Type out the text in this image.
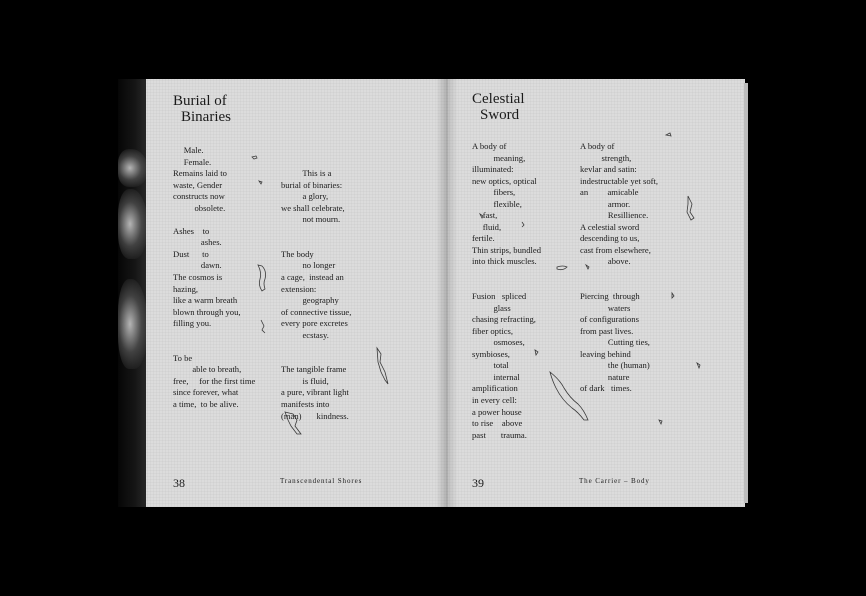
Burial of
Binaries
Male.
Female.
Remains laid to
waste, Gender
constructs now
obsolete.
Ashes    to
ashes.
Dust      to
dawn.
The cosmos is
hazing,
like a warm breath
blown through you,
filling you.
To be
able to breath,
free,     for the first time
since forever, what
a time,  to be alive.
This is a
burial of binaries:
a glory,
we shall celebrate,
not mourn.
The body
no longer
a cage,  instead an
extension:
geography
of connective tissue,
every pore excretes
ecstasy.
The tangible frame
is fluid,
a pure, vibrant light
manifests into
(man)       kindness.
38	Transcendental Shores
Celestial
Sword
A body of
meaning,
illuminated:
new optics, optical
fibers,
flexible,
fast,
fluid,
fertile.
Thin strips, bundled
into thick muscles.
Fusion   spliced
glass
chasing refracting,
fiber optics,
osmoses,
symbioses,
total
internal
amplification
in every cell:
a power house
to rise    above
past       trauma.
A body of
strength,
kevlar and satin:
indestructable yet soft,
an         amicable
armor.
Resillience.
A celestial sword
descending to us,
cast from elsewhere,
above.
Piercing  through
waters
of configurations
from past lives.
Cutting ties,
leaving behind
the (human)
nature
of dark   times.
39	The Carrier – Body
